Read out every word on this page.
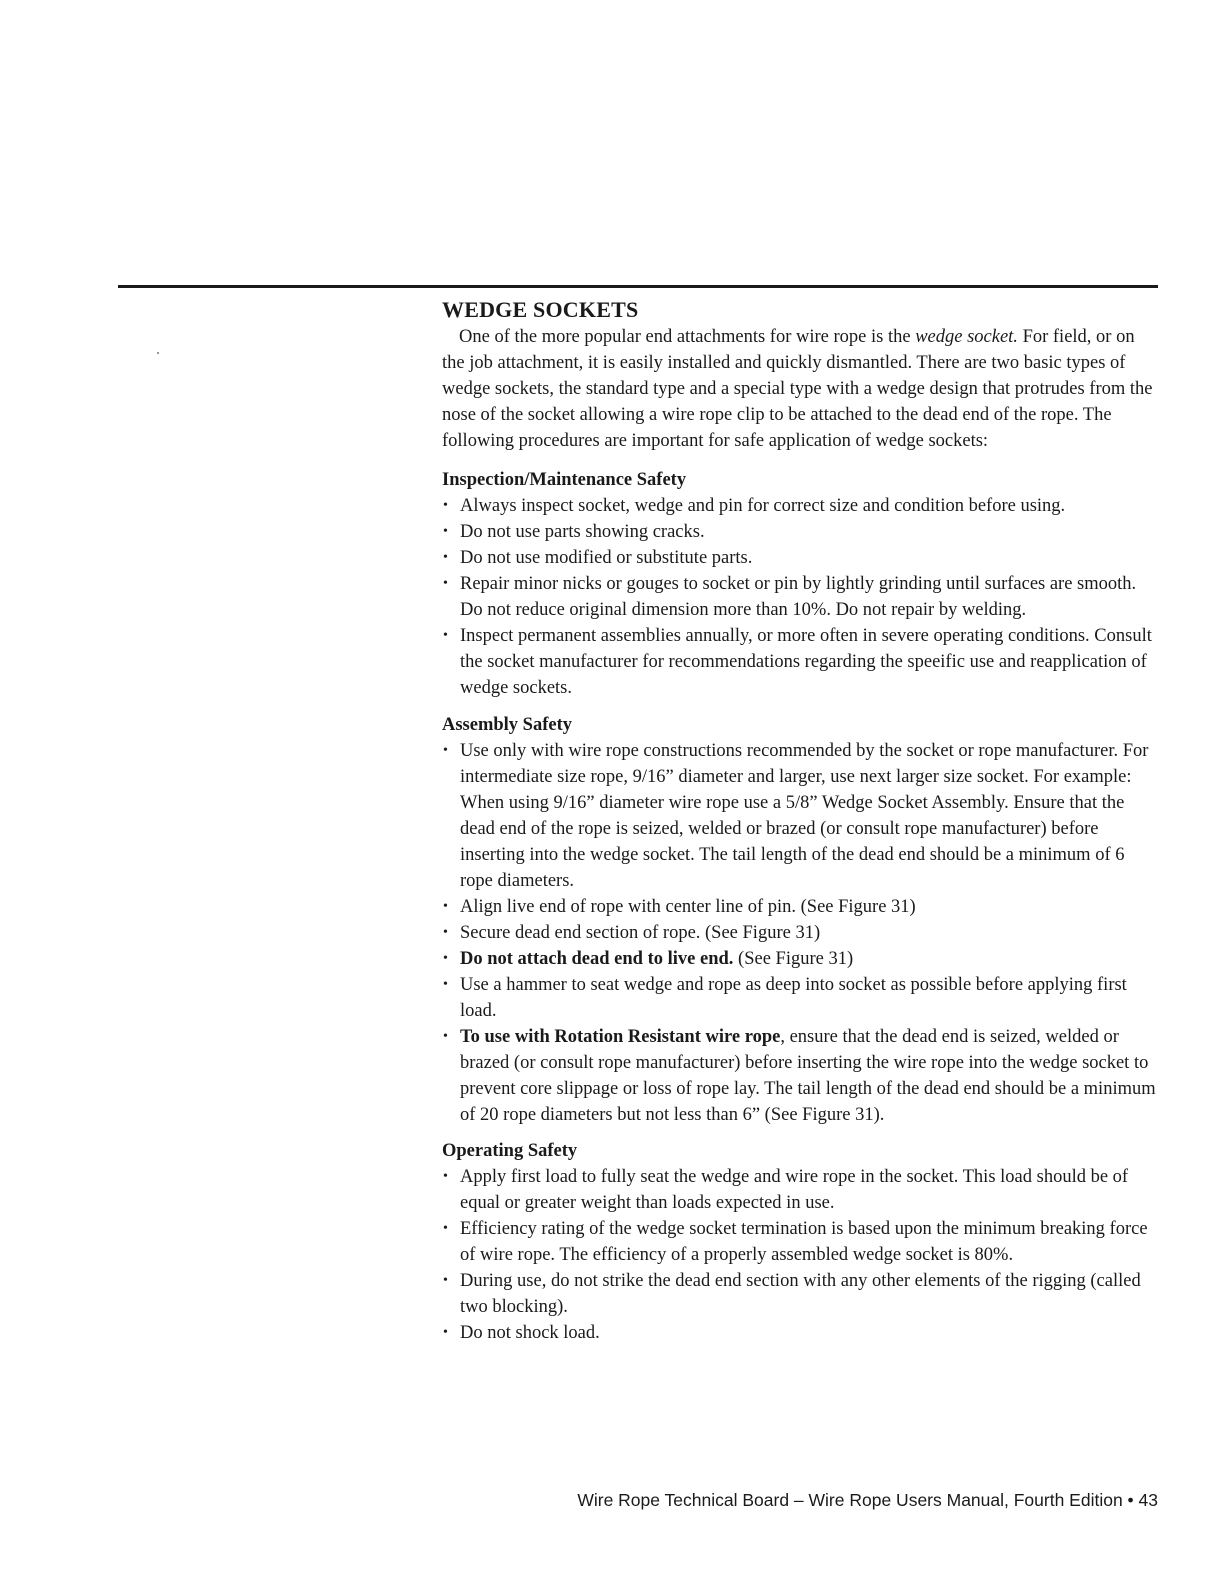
WEDGE SOCKETS

One of the more popular end attachments for wire rope is the wedge socket. For field, or on the job attachment, it is easily installed and quickly dismantled. There are two basic types of wedge sockets, the standard type and a special type with a wedge design that protrudes from the nose of the socket allowing a wire rope clip to be attached to the dead end of the rope. The following procedures are important for safe application of wedge sockets:

Inspection/Maintenance Safety
• Always inspect socket, wedge and pin for correct size and condition before using.
• Do not use parts showing cracks.
• Do not use modified or substitute parts.
• Repair minor nicks or gouges to socket or pin by lightly grinding until surfaces are smooth. Do not reduce original dimension more than 10%. Do not repair by welding.
• Inspect permanent assemblies annually, or more often in severe operating conditions. Consult the socket manufacturer for recommendations regarding the speeific use and reapplication of wedge sockets.
Assembly Safety
• Use only with wire rope constructions recommended by the socket or rope manufacturer. For intermediate size rope, 9/16” diameter and larger, use next larger size socket. For example: When using 9/16” diameter wire rope use a 5/8” Wedge Socket Assembly. Ensure that the dead end of the rope is seized, welded or brazed (or consult rope manufacturer) before inserting into the wedge socket. The tail length of the dead end should be a minimum of 6 rope diameters.
• Align live end of rope with center line of pin. (See Figure 31)
• Secure dead end section of rope. (See Figure 31)
• Do not attach dead end to live end. (See Figure 31)
• Use a hammer to seat wedge and rope as deep into socket as possible before applying first load.
• To use with Rotation Resistant wire rope, ensure that the dead end is seized, welded or brazed (or consult rope manufacturer) before inserting the wire rope into the wedge socket to prevent core slippage or loss of rope lay. The tail length of the dead end should be a minimum of 20 rope diameters but not less than 6” (See Figure 31).
Operating Safety
• Apply first load to fully seat the wedge and wire rope in the socket. This load should be of equal or greater weight than loads expected in use.
• Efficiency rating of the wedge socket termination is based upon the minimum breaking force of wire rope. The efficiency of a properly assembled wedge socket is 80%.
• During use, do not strike the dead end section with any other elements of the rigging (called two blocking).
• Do not shock load.
Wire Rope Technical Board – Wire Rope Users Manual, Fourth Edition • 43
